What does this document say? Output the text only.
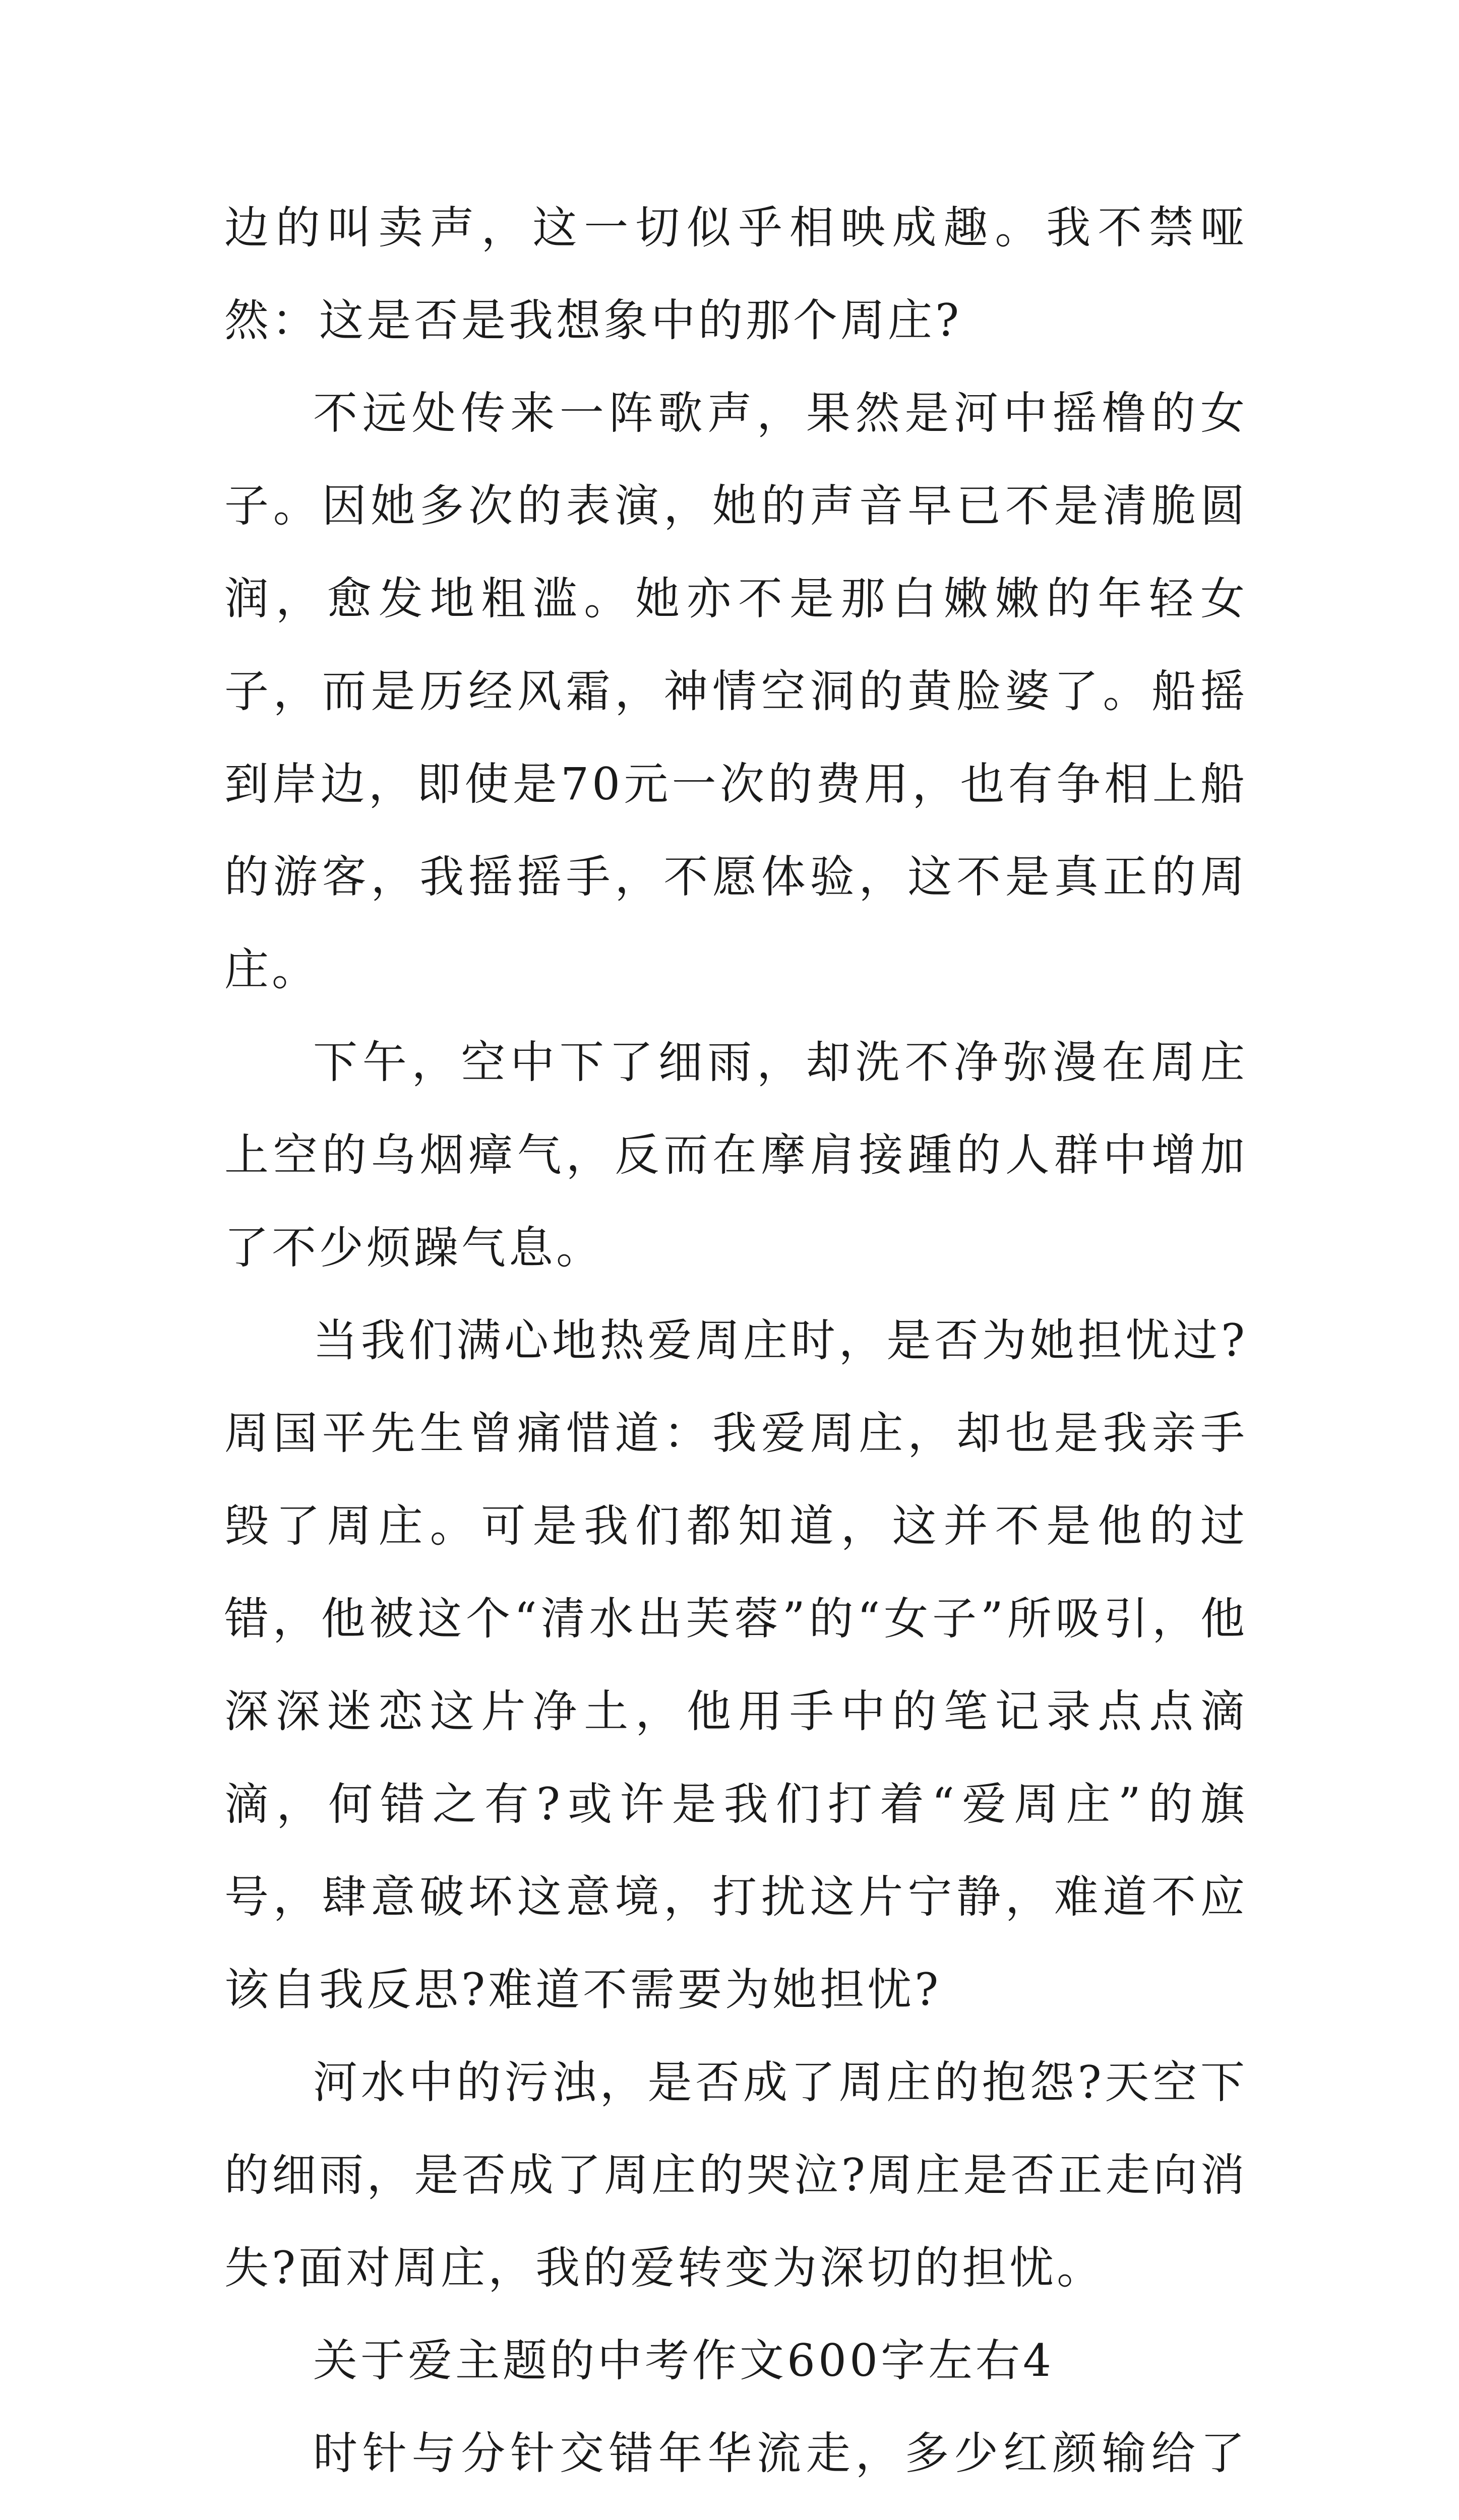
边的叫卖声，这一切似乎相映成趣。我不禁哑然：这是否是我想象中的那个周庄?

不远处传来一阵歌声，果然是河中摇橹的女子。因她多次的表演，她的声音早已不是清脆圆润，愈发地粗滥。她亦不是那白嫩嫩的年轻女子，而是历经风霜，神情空洞的黄脸婆了。船摇到岸边，即使是70元一次的费用，也有争相上船的游客，我摇摇手，不愿体验，这不是真正的周庄。

下午，空中下了细雨，却洗不净弥漫在周庄上空的乌烟瘴气，反而在摩肩接踵的人群中增加了不少烦躁气息。

当我们满心地热爱周庄时，是否为她担忧过?周国平先生曾痛惜道：我爱周庄，却也是我亲手毁了周庄。可是我们都知道，这并不是他的过错，他被这个“清水出芙蓉”的“女子”所吸引，他深深迷恋这片净土，他用手中的笔记录点点滴滴，何错之有?或许是我们打着“爱周庄”的旗号，肆意破坏这意境，打扰这片宁静，难道不应该自我反思?难道不需要为她担忧?

河水中的污浊，是否成了周庄的抱怨?天空下的细雨，是否成了周庄的哭泣?周庄是否正走向消失?面对周庄，我的爱转变为深切的担忧。

关于爱主题的中考作文600字左右4

时针与分针交错年华流走，多少红颜输给了
